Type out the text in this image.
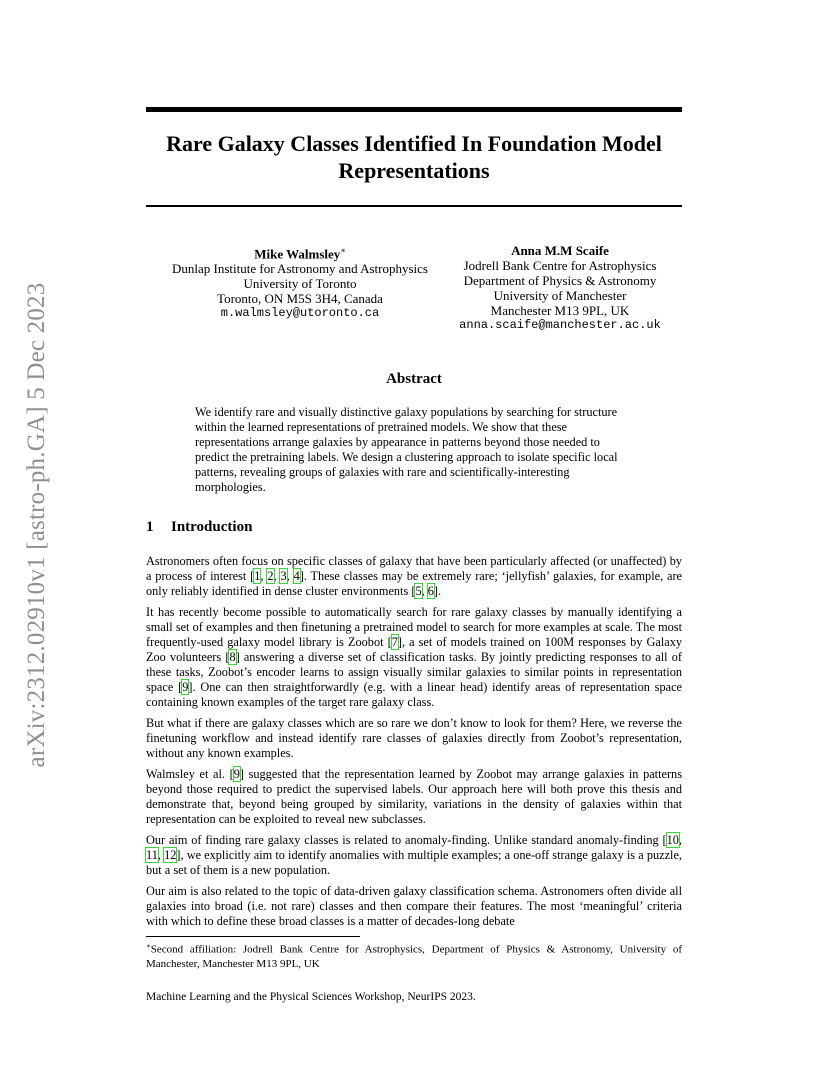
arXiv:2312.02910v1 [astro-ph.GA] 5 Dec 2023
Rare Galaxy Classes Identified In Foundation Model Representations
Mike Walmsley∗
Dunlap Institute for Astronomy and Astrophysics
University of Toronto
Toronto, ON M5S 3H4, Canada
m.walmsley@utoronto.ca
Anna M.M Scaife
Jodrell Bank Centre for Astrophysics
Department of Physics & Astronomy
University of Manchester
Manchester M13 9PL, UK
anna.scaife@manchester.ac.uk
Abstract
We identify rare and visually distinctive galaxy populations by searching for structure within the learned representations of pretrained models. We show that these representations arrange galaxies by appearance in patterns beyond those needed to predict the pretraining labels. We design a clustering approach to isolate specific local patterns, revealing groups of galaxies with rare and scientifically-interesting morphologies.
1 Introduction

Astronomers often focus on specific classes of galaxy that have been particularly affected (or unaffected) by a process of interest [1, 2, 3, 4]. These classes may be extremely rare; ‘jellyfish’ galaxies, for example, are only reliably identified in dense cluster environments [5, 6].

It has recently become possible to automatically search for rare galaxy classes by manually identifying a small set of examples and then finetuning a pretrained model to search for more examples at scale. The most frequently-used galaxy model library is Zoobot [7], a set of models trained on 100M responses by Galaxy Zoo volunteers [8] answering a diverse set of classification tasks. By jointly predicting responses to all of these tasks, Zoobot’s encoder learns to assign visually similar galaxies to similar points in representation space [9]. One can then straightforwardly (e.g. with a linear head) identify areas of representation space containing known examples of the target rare galaxy class.

But what if there are galaxy classes which are so rare we don’t know to look for them? Here, we reverse the finetuning workflow and instead identify rare classes of galaxies directly from Zoobot’s representation, without any known examples.

Walmsley et al. [9] suggested that the representation learned by Zoobot may arrange galaxies in patterns beyond those required to predict the supervised labels. Our approach here will both prove this thesis and demonstrate that, beyond being grouped by similarity, variations in the density of galaxies within that representation can be exploited to reveal new subclasses.

Our aim of finding rare galaxy classes is related to anomaly-finding. Unlike standard anomaly-finding [10, 11, 12], we explicitly aim to identify anomalies with multiple examples; a one-off strange galaxy is a puzzle, but a set of them is a new population.

Our aim is also related to the topic of data-driven galaxy classification schema. Astronomers often divide all galaxies into broad (i.e. not rare) classes and then compare their features. The most ‘meaningful’ criteria with which to define these broad classes is a matter of decades-long debate

∗Second affiliation: Jodrell Bank Centre for Astrophysics, Department of Physics & Astronomy, University of Manchester, Manchester M13 9PL, UK
Machine Learning and the Physical Sciences Workshop, NeurIPS 2023.
